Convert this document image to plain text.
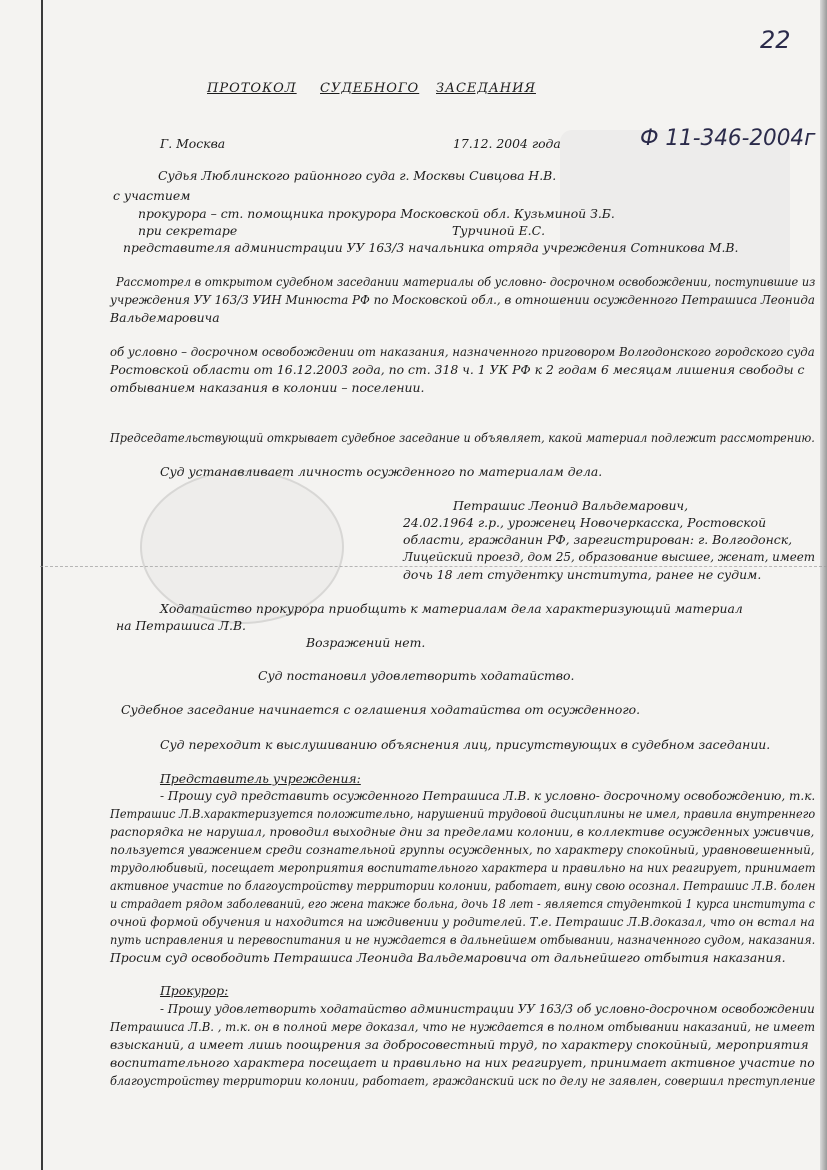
22
Ф 11-346-2004г
ПРОТОКОЛ СУДЕБНОГО ЗАСЕДАНИЯ
Г. Москва	17.12. 2004 года
Судья Люблинского районного суда г. Москвы Сивцова Н.В.
с участием
прокурора – ст. помощника прокурора Московской обл. Кузьминой З.Б.
при секретаре	Турчиной Е.С.
представителя администрации УУ 163/3 начальника отряда учреждения Сотникова М.В.
Рассмотрел в открытом судебном заседании материалы об условно- досрочном освобождении, поступившие из
учреждения УУ 163/3 УИН Минюста РФ по Московской обл., в отношении осужденного Петрашиса Леонида
Вальдемаровича
об условно – досрочном освобождении от наказания, назначенного приговором Волгодонского городского суда
Ростовской области от 16.12.2003 года, по ст. 318 ч. 1 УК РФ к 2 годам 6 месяцам лишения свободы с
отбыванием наказания в колонии – поселении.
Председательствующий открывает судебное заседание и объявляет, какой материал подлежит рассмотрению.
Суд устанавливает личность осужденного по материалам дела.
Петрашис Леонид Вальдемарович,
24.02.1964 г.р., уроженец Новочеркасска, Ростовской
области, гражданин РФ, зарегистрирован: г. Волгодонск,
Лицейский проезд, дом 25, образование высшее, женат, имеет
дочь 18 лет студентку института, ранее не судим.
Ходатайство прокурора приобщить к материалам дела характеризующий материал
на Петрашиса Л.В.
Возражений нет.
Суд постановил удовлетворить ходатайство.
Судебное заседание начинается с оглашения ходатайства от осужденного.
Суд переходит к выслушиванию объяснения лиц, присутствующих в судебном заседании.
Представитель учреждения:
- Прошу суд представить осужденного Петрашиса Л.В. к условно- досрочному освобождению, т.к.
Петрашис Л.В.характеризуется положительно, нарушений трудовой дисциплины не имел, правила внутреннего
распорядка не нарушал, проводил выходные дни за пределами колонии, в коллективе осужденных уживчив,
пользуется уважением среди сознательной группы осужденных, по характеру спокойный, уравновешенный,
трудолюбивый, посещает мероприятия воспитательного характера и правильно на них реагирует, принимает
активное участие по благоустройству территории колонии, работает, вину свою осознал. Петрашис Л.В. болен
и страдает рядом заболеваний, его жена также больна, дочь 18 лет - является студенткой 1 курса института с
очной формой обучения и находится на иждивении у родителей. Т.е. Петрашис Л.В.доказал, что он встал на
путь исправления и перевоспитания и не нуждается в дальнейшем отбывании, назначенного судом, наказания.
Просим суд освободить Петрашиса Леонида Вальдемаровича от дальнейшего отбытия наказания.
Прокурор:
- Прошу удовлетворить ходатайство администрации УУ 163/3 об условно-досрочном освобождении
Петрашиса Л.В. , т.к. он в полной мере доказал, что не нуждается в полном отбывании наказаний, не имеет
взысканий, а имеет лишь поощрения за добросовестный труд, по характеру спокойный, мероприятия
воспитательного характера посещает и правильно на них реагирует, принимает активное участие по
благоустройству территории колонии, работает, гражданский иск по делу не заявлен, совершил преступление
